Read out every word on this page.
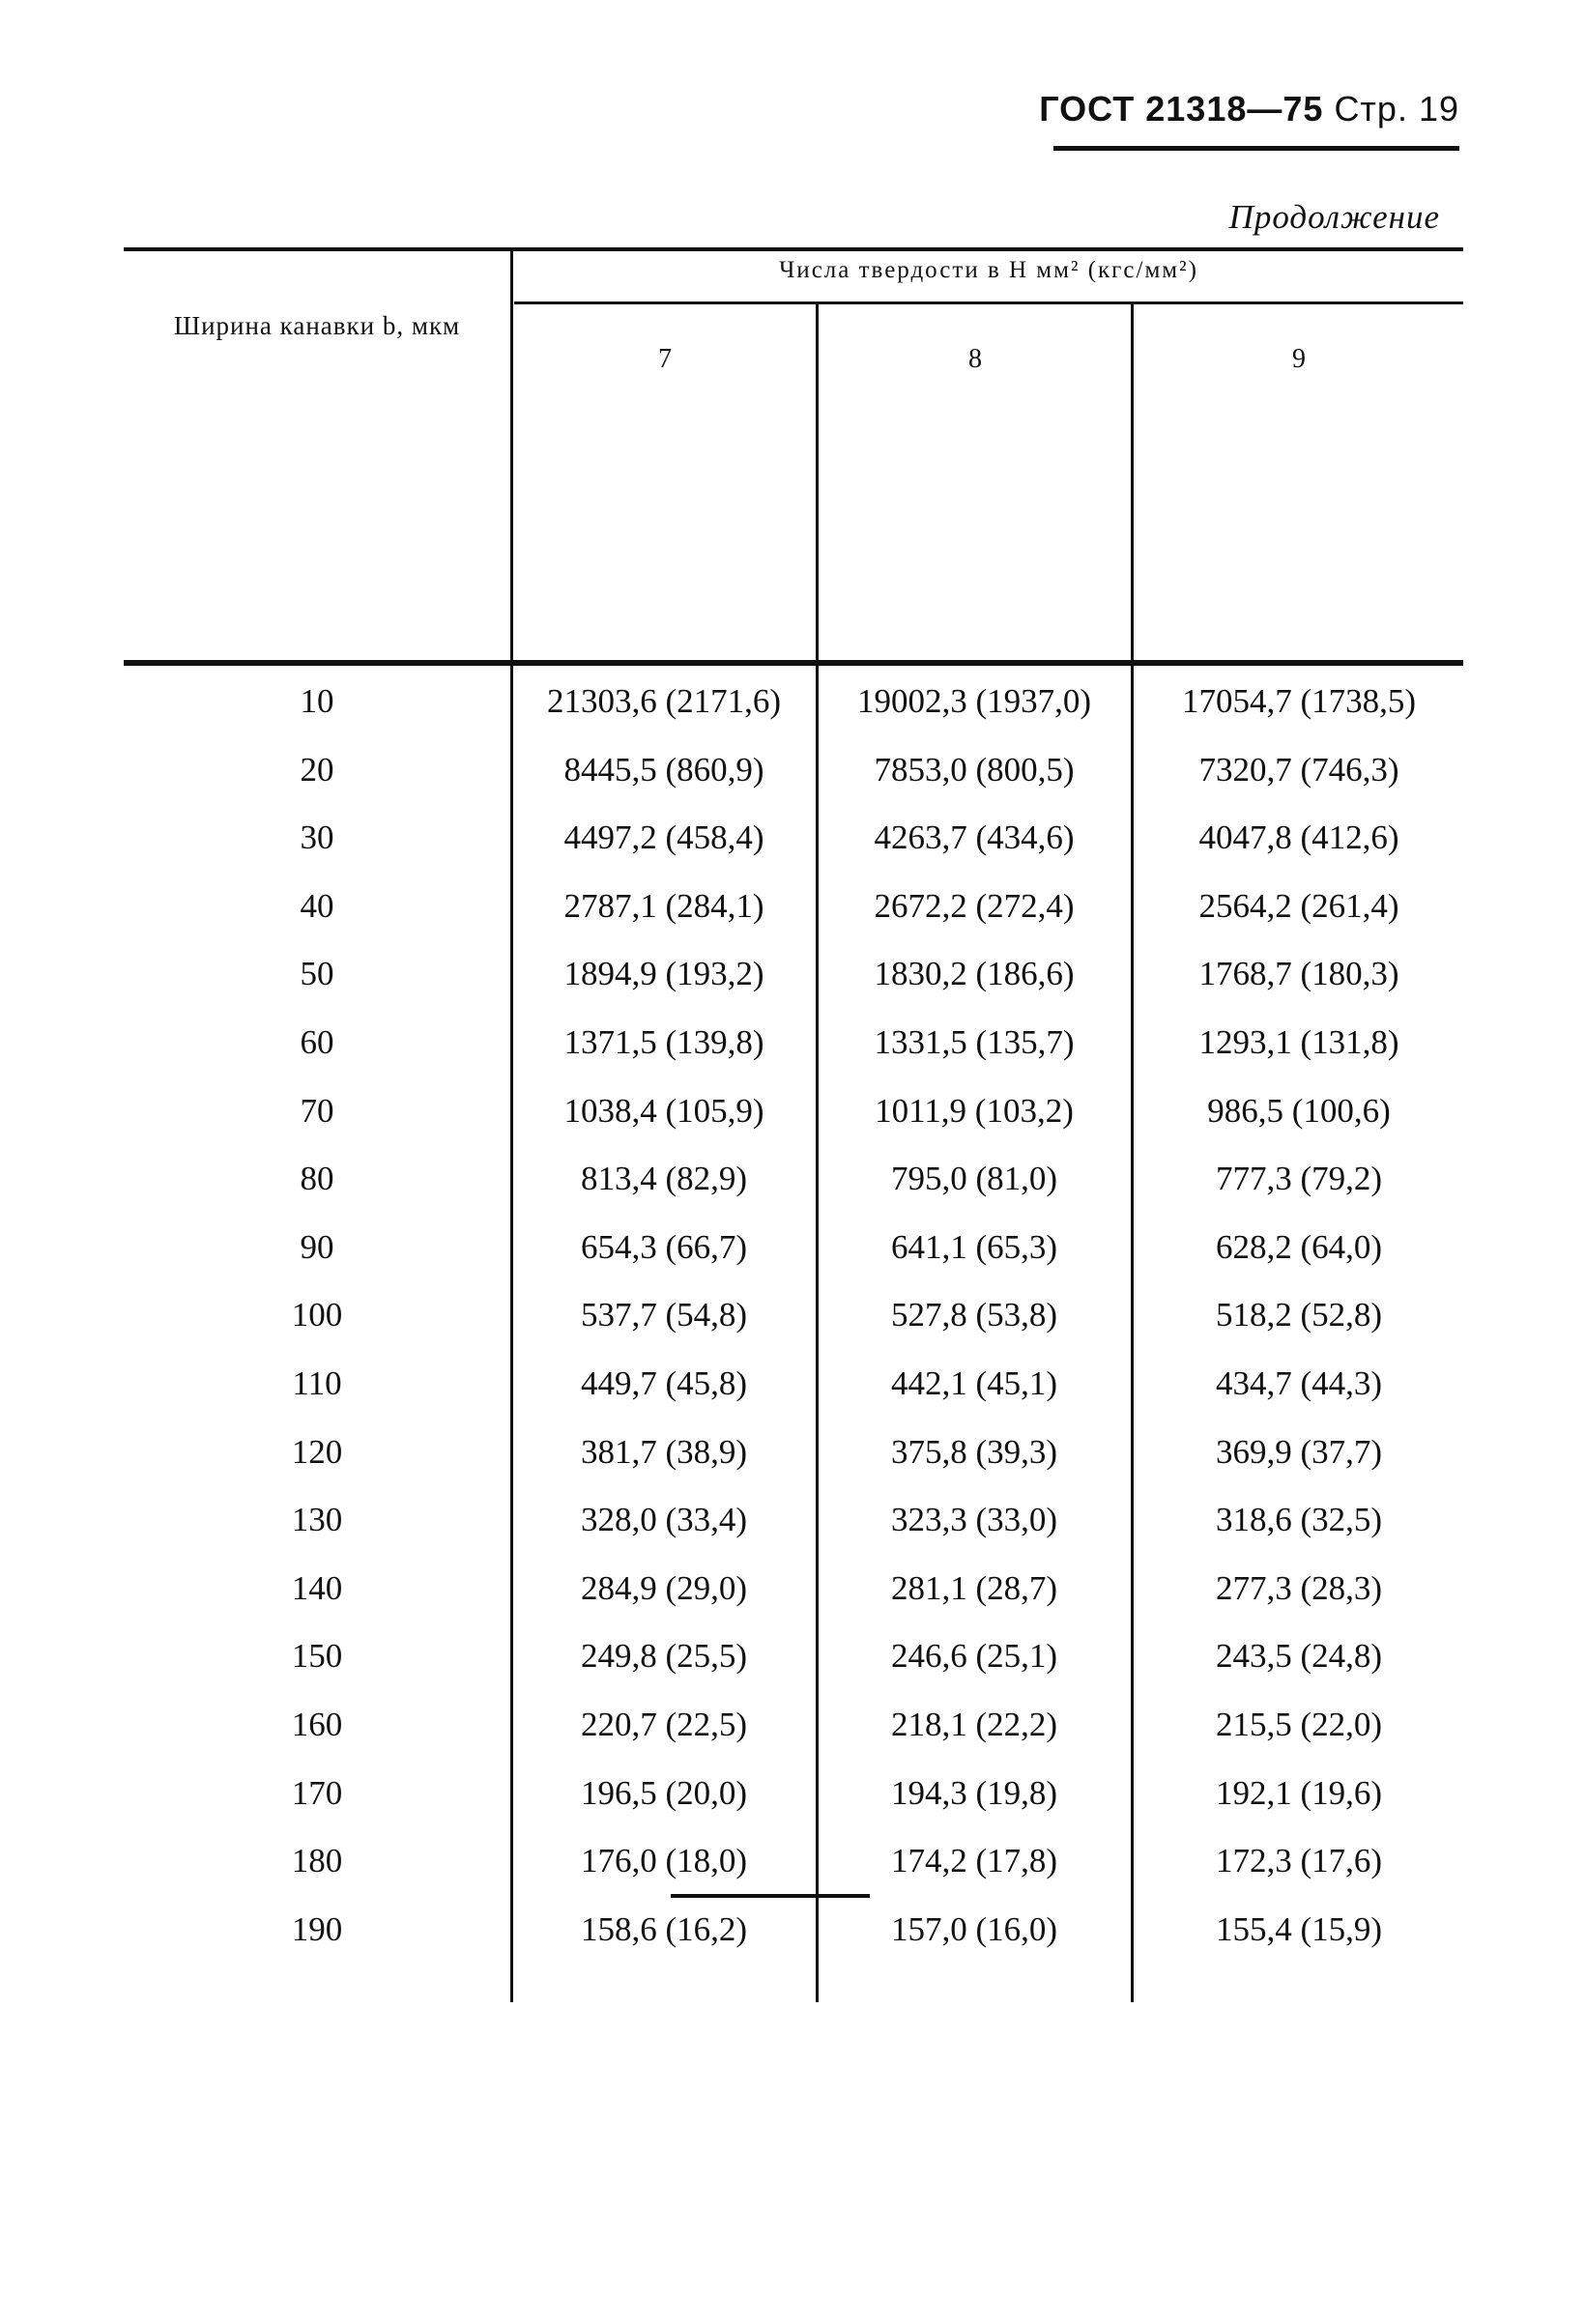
ГОСТ 21318—75 Стр. 19
Продолжение
Ширина канавки b, мкм
Числа твердости в Н мм² (кгс/мм²)
7	8	9
10	21303,6 (2171,6)	19002,3 (1937,0)	17054,7 (1738,5)
20	8445,5 (860,9)	7853,0 (800,5)	7320,7 (746,3)
30	4497,2 (458,4)	4263,7 (434,6)	4047,8 (412,6)
40	2787,1 (284,1)	2672,2 (272,4)	2564,2 (261,4)
50	1894,9 (193,2)	1830,2 (186,6)	1768,7 (180,3)
60	1371,5 (139,8)	1331,5 (135,7)	1293,1 (131,8)
70	1038,4 (105,9)	1011,9 (103,2)	986,5 (100,6)
80	813,4 (82,9)	795,0 (81,0)	777,3 (79,2)
90	654,3 (66,7)	641,1 (65,3)	628,2 (64,0)
100	537,7 (54,8)	527,8 (53,8)	518,2 (52,8)
110	449,7 (45,8)	442,1 (45,1)	434,7 (44,3)
120	381,7 (38,9)	375,8 (39,3)	369,9 (37,7)
130	328,0 (33,4)	323,3 (33,0)	318,6 (32,5)
140	284,9 (29,0)	281,1 (28,7)	277,3 (28,3)
150	249,8 (25,5)	246,6 (25,1)	243,5 (24,8)
160	220,7 (22,5)	218,1 (22,2)	215,5 (22,0)
170	196,5 (20,0)	194,3 (19,8)	192,1 (19,6)
180	176,0 (18,0)	174,2 (17,8)	172,3 (17,6)
190	158,6 (16,2)	157,0 (16,0)	155,4 (15,9)
